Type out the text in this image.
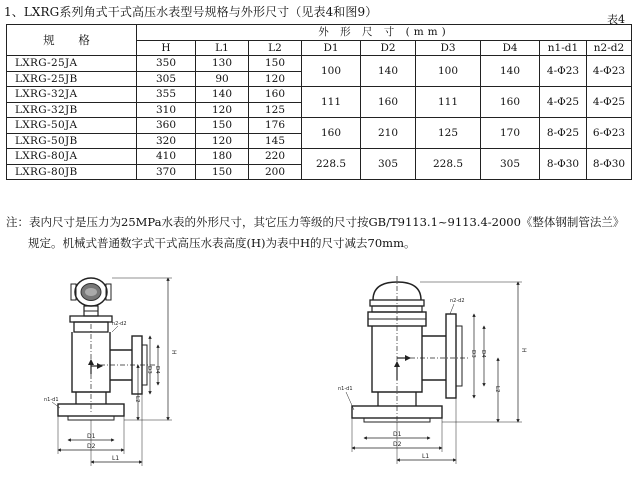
1、LXRG系列角式干式高压水表型号规格与外形尺寸（见表4和图9）
表4
规 格	外 形 尺 寸 (mm)								
	H	L1	L2	D1	D2	D3	D4	n1-d1	n2-d2
LXRG-25JA	350	130	150	100	140	100	140	4-Φ23	4-Φ23
LXRG-25JB	305	90	120						
LXRG-32JA	355	140	160	111	160	111	160	4-Φ25	4-Φ25
LXRG-32JB	310	120	125						
LXRG-50JA	360	150	176	160	210	125	170	8-Φ25	6-Φ23
LXRG-50JB	320	120	145						
LXRG-80JA	410	180	220	228.5	305	228.5	305	8-Φ30	8-Φ30
LXRG-80JB	370	150	200						
注：表内尺寸是压力为25MPa水表的外形尺寸，其它压力等级的尺寸按GB/T9113.1~9113.4-2000《整体钢制管法兰》
规定。机械式普通数字式干式高压水表高度(H)为表中H的尺寸减去70mm。
n2-d2
n1-d1
D1
D2
L1
D3 D4
H
L2
n2-d2
n1-d1
D1
D2
L1
D3 D4
L2
H
